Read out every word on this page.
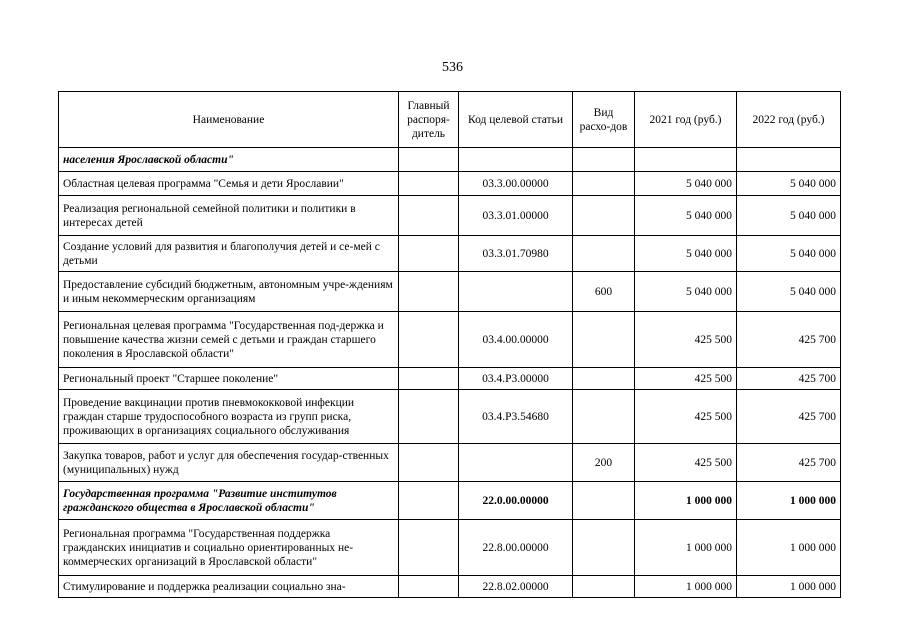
536
Наименование	Главный распоря-дитель	Код целевой статьи	Вид расхо-дов	2021 год (руб.)	2022 год (руб.)
населения Ярославской области"					
Областная целевая программа "Семья и дети Ярославии"		03.3.00.00000		5 040 000	5 040 000
Реализация региональной семейной политики и политики в интересах детей		03.3.01.00000		5 040 000	5 040 000
Создание условий для развития и благополучия детей и се-мей с детьми		03.3.01.70980		5 040 000	5 040 000
Предоставление субсидий бюджетным, автономным учре-ждениям и иным некоммерческим организациям			600	5 040 000	5 040 000
Региональная целевая программа "Государственная под-держка и повышение качества жизни семей с детьми и граждан старшего поколения в Ярославской области"		03.4.00.00000		425 500	425 700
Региональный проект "Старшее поколение"		03.4.P3.00000		425 500	425 700
Проведение вакцинации против пневмококковой инфекции граждан старше трудоспособного возраста из групп риска, проживающих в организациях социального обслуживания		03.4.P3.54680		425 500	425 700
Закупка товаров, работ и услуг для обеспечения государ-ственных (муниципальных) нужд			200	425 500	425 700
Государственная программа "Развитие институтов гражданского общества в Ярославской области"		22.0.00.00000		1 000 000	1 000 000
Региональная программа "Государственная поддержка гражданских инициатив и социально ориентированных не-коммерческих организаций в Ярославской области"		22.8.00.00000		1 000 000	1 000 000
Стимулирование и поддержка реализации социально зна-		22.8.02.00000		1 000 000	1 000 000
